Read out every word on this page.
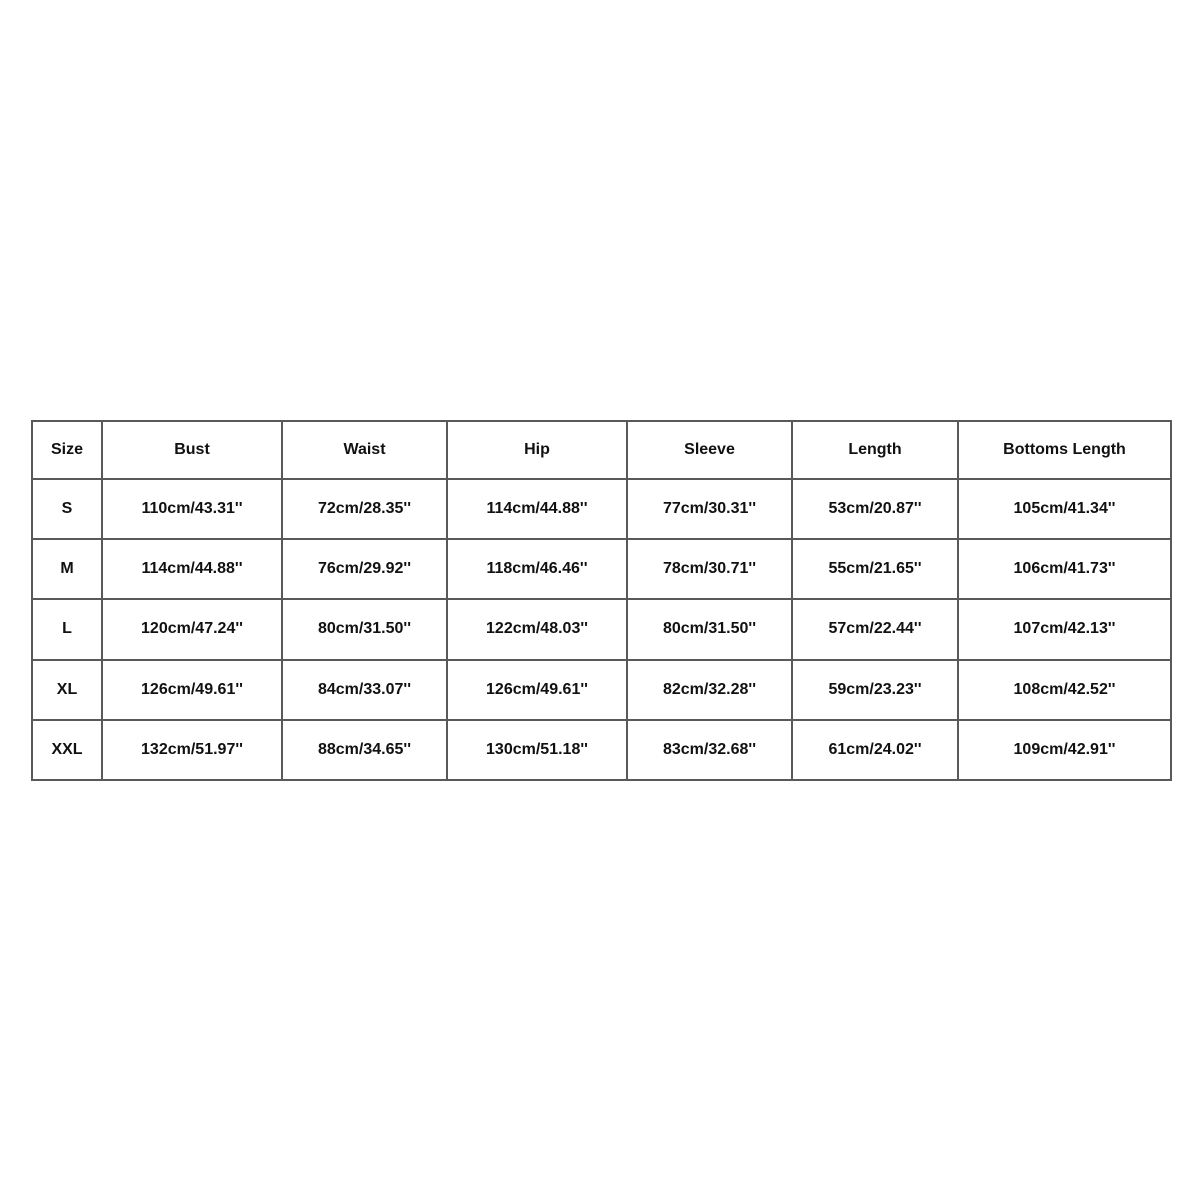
Size	Bust	Waist	Hip	Sleeve	Length	Bottoms Length
S	110cm/43.31''	72cm/28.35''	114cm/44.88''	77cm/30.31''	53cm/20.87''	105cm/41.34''
M	114cm/44.88''	76cm/29.92''	118cm/46.46''	78cm/30.71''	55cm/21.65''	106cm/41.73''
L	120cm/47.24''	80cm/31.50''	122cm/48.03''	80cm/31.50''	57cm/22.44''	107cm/42.13''
XL	126cm/49.61''	84cm/33.07''	126cm/49.61''	82cm/32.28''	59cm/23.23''	108cm/42.52''
XXL	132cm/51.97''	88cm/34.65''	130cm/51.18''	83cm/32.68''	61cm/24.02''	109cm/42.91''
